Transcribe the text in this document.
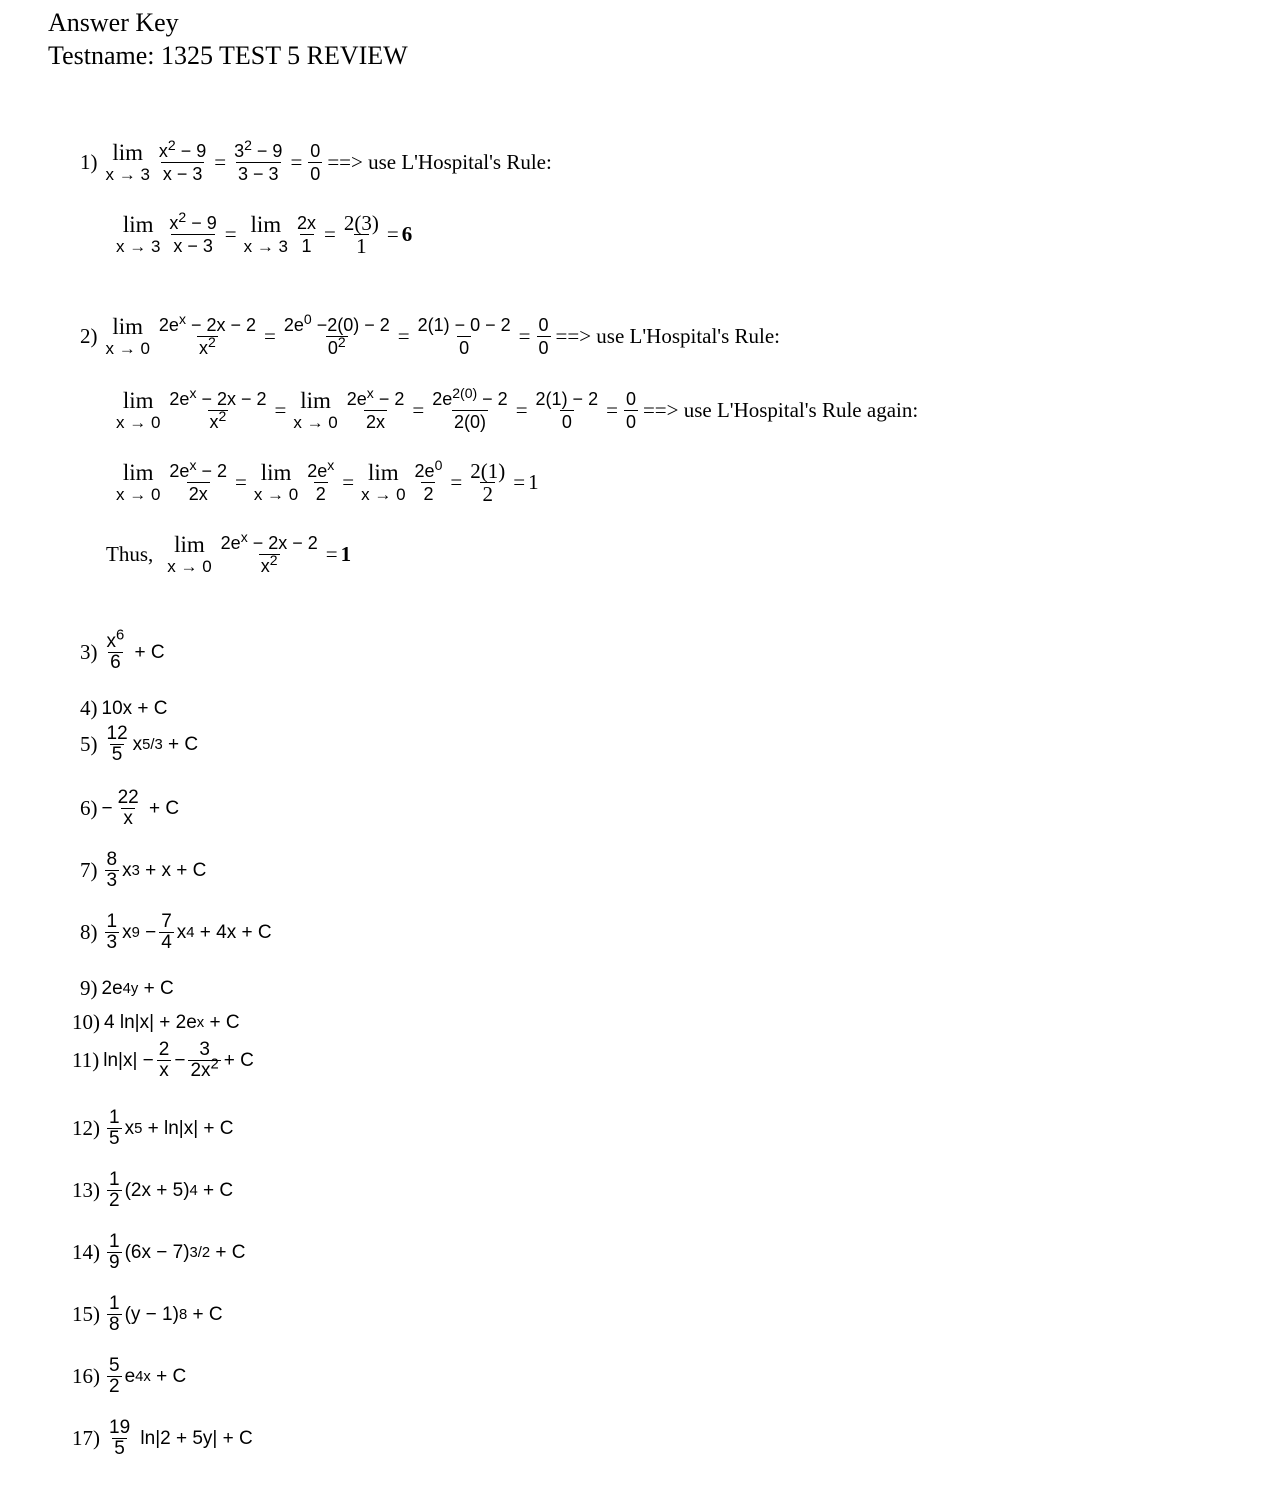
Answer Key
Testname: 1325 TEST 5 REVIEW
1) lim
$x \to 3 \frac{x^2 - 9}{x - 3} = \frac{3^2 - 9}{3 - 3} = \frac{0}{0}$ ==> use L'Hospital's Rule:
lim
$x \to 3 \frac{x^2 - 9}{x - 3} = \lim$
$x \to 3 \frac{2x}{1} = \frac{2(3)}{1} = 6$
2) lim
$x \to 0 \frac{2e^x - 2x - 2}{x^2} = \frac{2e^0 -2(0) - 2}{0^2} = \frac{2(1) - 0 - 2}{0} = \frac{0}{0}$ ==> use L'Hospital's Rule:
lim
$x \to 0 \frac{2e^x - 2x - 2}{x^2} = \lim$
$x \to 0 \frac{2e^x - 2}{2x} = \frac{2e^{2(0)} - 2}{2(0)} = \frac{2(1) - 2}{0} = \frac{0}{0}$ ==> use L'Hospital's Rule again:
lim
$x \to 0 \frac{2e^x - 2}{2x} = \lim$
$x \to 0 \frac{2e^x}{2} = \lim$
$x \to 0 \frac{2e^0}{2} = \frac{2(1)}{2} = 1$
Thus, lim
$x \to 0 \frac{2e^x - 2x - 2}{x^2} = 1$
$3) \frac{x^6}{6} + C$
4) 10x + C
$5) \frac{12}{5}$ x 5/3 + C
$6) - \frac{22}{x} + C$
$7) \frac{8}{3}$ x 3 + x + C
$8) \frac{1}{3}$ x $9 - \frac{7}{4}$ x 4 + 4x + C
9) 2e 4y + C
10) 4 ln|x| + 2e x + C
11) $\ln|x| - \frac{2}{x} - \frac{3}{2x^2} + C$
$12) \frac{1}{5}$ x 5 + ln|x| + C
$13) \frac{1}{2} (2x + 5) 4 + C$
$14) \frac{1}{9} (6x - 7) 3/2 + C$
$15) \frac{1}{8} (y - 1) 8 + C$
$16) \frac{5}{2}$ e 4x + C
$17) \frac{19}{5} \ln|2 + 5y| + C$
